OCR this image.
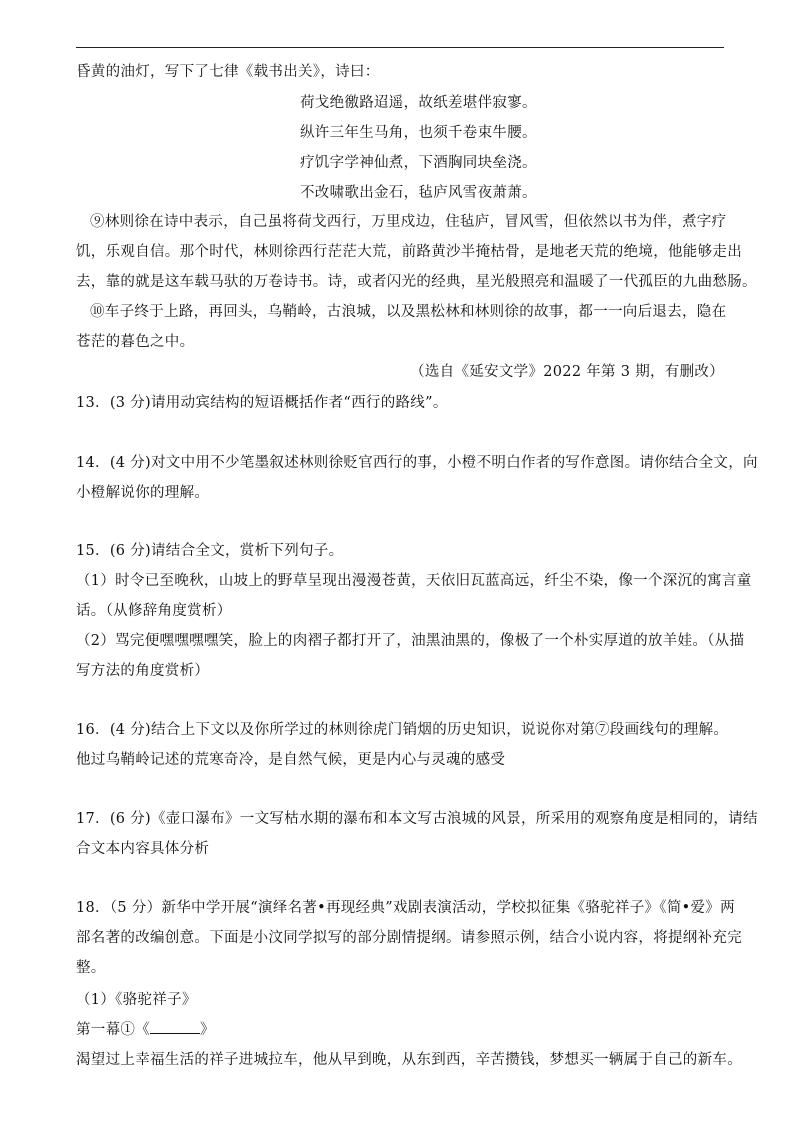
昏黄的油灯，写下了七律《载书出关》，诗曰：
荷戈绝徼路迢遥，故纸差堪伴寂寥。
纵许三年生马角，也须千卷束牛腰。
疗饥字学神仙煮，下酒胸同块垒浇。
不改啸歌出金石，毡庐风雪夜萧萧。
⑨林则徐在诗中表示，自己虽将荷戈西行，万里戍边，住毡庐，冒风雪，但依然以书为伴，煮字疗
饥，乐观自信。那个时代，林则徐西行茫茫大荒，前路黄沙半掩枯骨，是地老天荒的绝境，他能够走出
去，靠的就是这车载马驮的万卷诗书。诗，或者闪光的经典，星光般照亮和温暖了一代孤臣的九曲愁肠。
⑩车子终于上路，再回头，乌鞘岭，古浪城，以及黑松林和林则徐的故事，都一一向后退去，隐在
苍茫的暮色之中。
（选自《延安文学》2022 年第 3 期，有删改）
13．(3 分)请用动宾结构的短语概括作者“西行的路线”。
14．(4 分)对文中用不少笔墨叙述林则徐贬官西行的事，小橙不明白作者的写作意图。请你结合全文，向
小橙解说你的理解。
15．(6 分)请结合全文，赏析下列句子。
（1）时令已至晚秋，山坡上的野草呈现出漫漫苍黄，天依旧瓦蓝高远，纤尘不染，像一个深沉的寓言童
话。（从修辞角度赏析）
（2）骂完便嘿嘿嘿嘿笑，脸上的肉褶子都打开了，油黑油黑的，像极了一个朴实厚道的放羊娃。（从描
写方法的角度赏析）
16．(4 分)结合上下文以及你所学过的林则徐虎门销烟的历史知识，说说你对第⑦段画线句的理解。
他过乌鞘岭记述的荒寒奇冷，是自然气候，更是内心与灵魂的感受
17．(6 分)《壶口瀑布》一文写枯水期的瀑布和本文写古浪城的风景，所采用的观察角度是相同的，请结
合文本内容具体分析
18．（5 分）新华中学开展“演绎名著•再现经典”戏剧表演活动，学校拟征集《骆驼祥子》《简•爱》两
部名著的改编创意。下面是小汶同学拟写的部分剧情提纲。请参照示例，结合小说内容，将提纲补充完
整。
（1）《骆驼祥子》
第一幕①《	》
渴望过上幸福生活的祥子进城拉车，他从早到晚，从东到西，辛苦攒钱，梦想买一辆属于自己的新车。
